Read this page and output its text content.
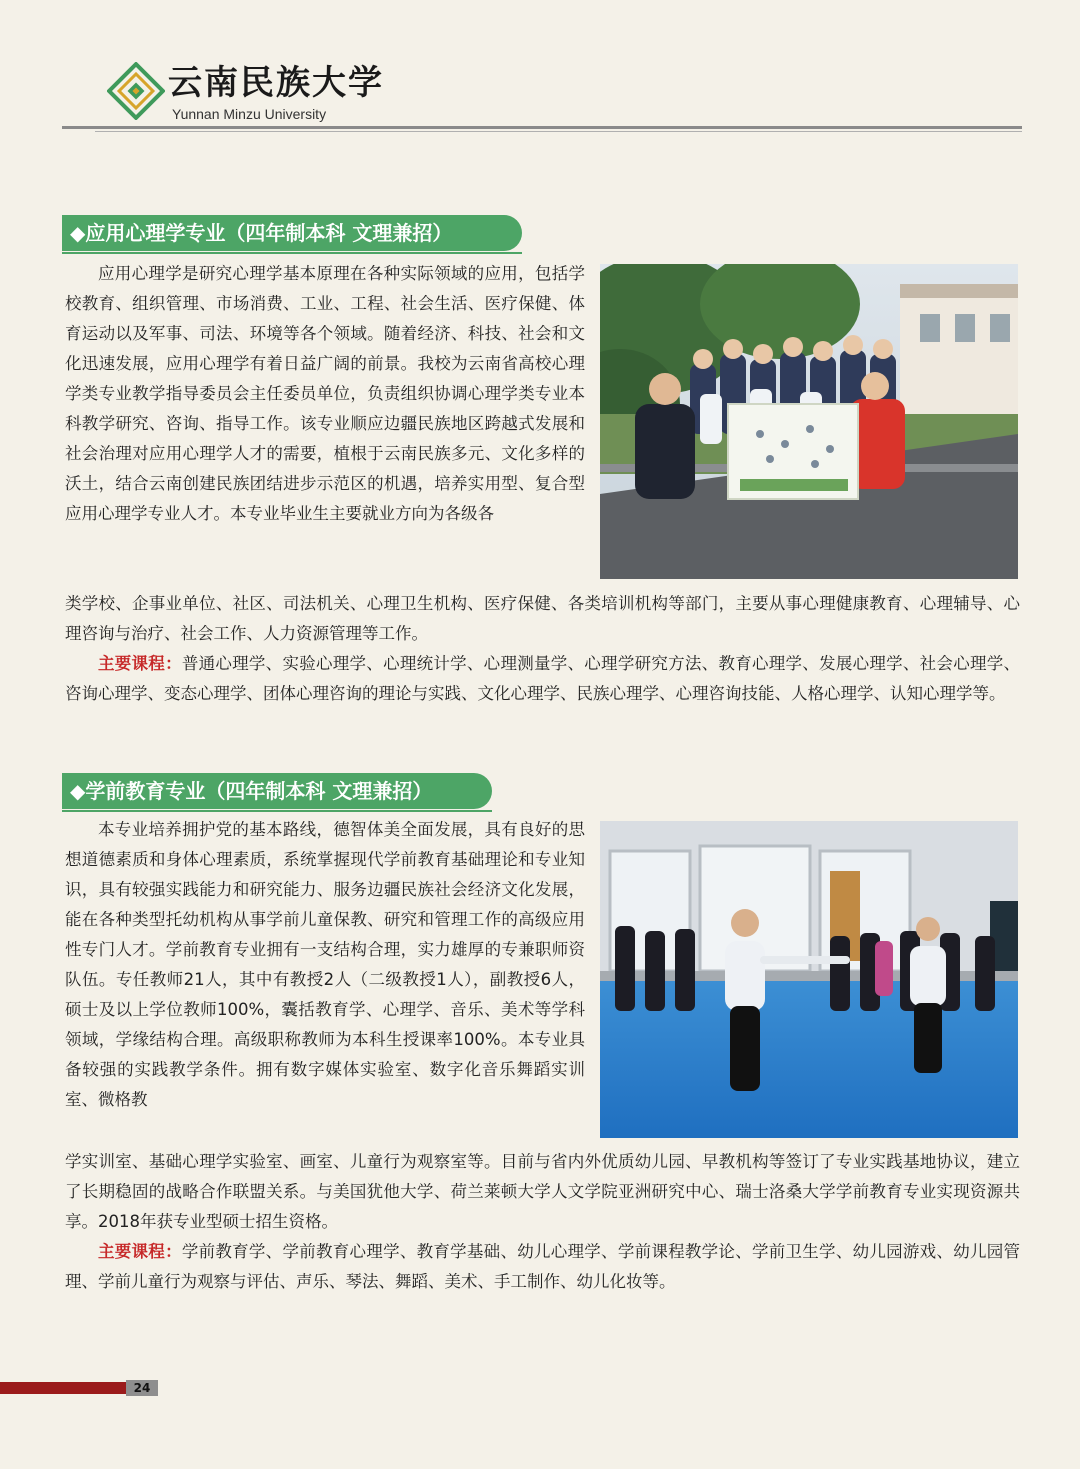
云南民族大学
Yunnan Minzu University
◆应用心理学专业（四年制本科 文理兼招）

应用心理学是研究心理学基本原理在各种实际领域的应用，包括学校教育、组织管理、市场消费、工业、工程、社会生活、医疗保健、体育运动以及军事、司法、环境等各个领域。随着经济、科技、社会和文化迅速发展，应用心理学有着日益广阔的前景。我校为云南省高校心理学类专业教学指导委员会主任委员单位，负责组织协调心理学类专业本科教学研究、咨询、指导工作。该专业顺应边疆民族地区跨越式发展和社会治理对应用心理学人才的需要，植根于云南民族多元、文化多样的沃土，结合云南创建民族团结进步示范区的机遇，培养实用型、复合型应用心理学专业人才。本专业毕业生主要就业方向为各级各

类学校、企事业单位、社区、司法机关、心理卫生机构、医疗保健、各类培训机构等部门，主要从事心理健康教育、心理辅导、心理咨询与治疗、社会工作、人力资源管理等工作。

主要课程：普通心理学、实验心理学、心理统计学、心理测量学、心理学研究方法、教育心理学、发展心理学、社会心理学、咨询心理学、变态心理学、团体心理咨询的理论与实践、文化心理学、民族心理学、心理咨询技能、人格心理学、认知心理学等。

◆学前教育专业（四年制本科 文理兼招）

本专业培养拥护党的基本路线，德智体美全面发展，具有良好的思想道德素质和身体心理素质，系统掌握现代学前教育基础理论和专业知识，具有较强实践能力和研究能力、服务边疆民族社会经济文化发展，能在各种类型托幼机构从事学前儿童保教、研究和管理工作的高级应用性专门人才。学前教育专业拥有一支结构合理，实力雄厚的专兼职师资队伍。专任教师21人，其中有教授2人（二级教授1人），副教授6人，硕士及以上学位教师100%，囊括教育学、心理学、音乐、美术等学科领域，学缘结构合理。高级职称教师为本科生授课率100%。本专业具备较强的实践教学条件。拥有数字媒体实验室、数字化音乐舞蹈实训室、微格教

学实训室、基础心理学实验室、画室、儿童行为观察室等。目前与省内外优质幼儿园、早教机构等签订了专业实践基地协议，建立了长期稳固的战略合作联盟关系。与美国犹他大学、荷兰莱顿大学人文学院亚洲研究中心、瑞士洛桑大学学前教育专业实现资源共享。2018年获专业型硕士招生资格。

主要课程：学前教育学、学前教育心理学、教育学基础、幼儿心理学、学前课程教学论、学前卫生学、幼儿园游戏、幼儿园管理、学前儿童行为观察与评估、声乐、琴法、舞蹈、美术、手工制作、幼儿化妆等。

24
